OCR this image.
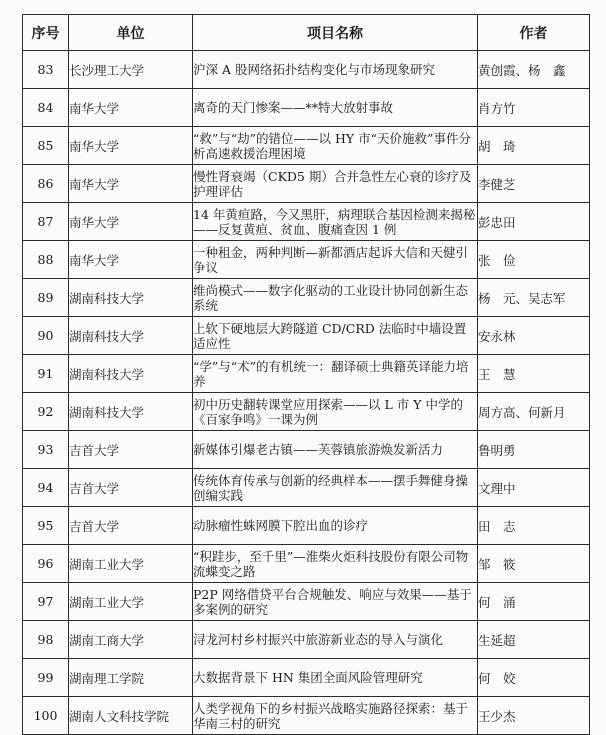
序号	单位	项目名称	作者
83	长沙理工大学	沪深 A 股网络拓扑结构变化与市场现象研究	黄创霞、杨　鑫
84	南华大学	离奇的天门惨案——**特大放射事故	肖方竹
85	南华大学	“救”与“劫”的错位——以 HY 市“天价施救”事件分析高速救援治理困境	胡　琦
86	南华大学	慢性肾衰竭（CKD5 期）合并急性左心衰的诊疗及护理评估	李健芝
87	南华大学	14 年黄疸路，今又黑肝，病理联合基因检测来揭秘——反复黄疸、贫血、腹痛查因 1 例	彭忠田
88	南华大学	一种租金，两种判断—新都酒店起诉大信和天健引争议	张　俭
89	湖南科技大学	维尚模式——数字化驱动的工业设计协同创新生态系统	杨　元、吴志军
90	湖南科技大学	上软下硬地层大跨隧道 CD/CRD 法临时中墙设置适应性	安永林
91	湖南科技大学	“学”与“术”的有机统一：翻译硕士典籍英译能力培养	王　慧
92	湖南科技大学	初中历史翻转课堂应用探索——以 L 市 Y 中学的《百家争鸣》一课为例	周方高、何新月
93	吉首大学	新媒体引爆老古镇——芙蓉镇旅游焕发新活力	鲁明勇
94	吉首大学	传统体育传承与创新的经典样本——摆手舞健身操创编实践	文理中
95	吉首大学	动脉瘤性蛛网膜下腔出血的诊疗	田　志
96	湖南工业大学	“积跬步，至千里”—淮柴火炬科技股份有限公司物流蝶变之路	邹　筱
97	湖南工业大学	P2P 网络借贷平台合规触发、响应与效果——基于多案例的研究	何　涌
98	湖南工商大学	浔龙河村乡村振兴中旅游新业态的导入与演化	生延超
99	湖南理工学院	大数据背景下 HN 集团全面风险管理研究	何　姣
100	湖南人文科技学院	人类学视角下的乡村振兴战略实施路径探索：基于华南三村的研究	王少杰
